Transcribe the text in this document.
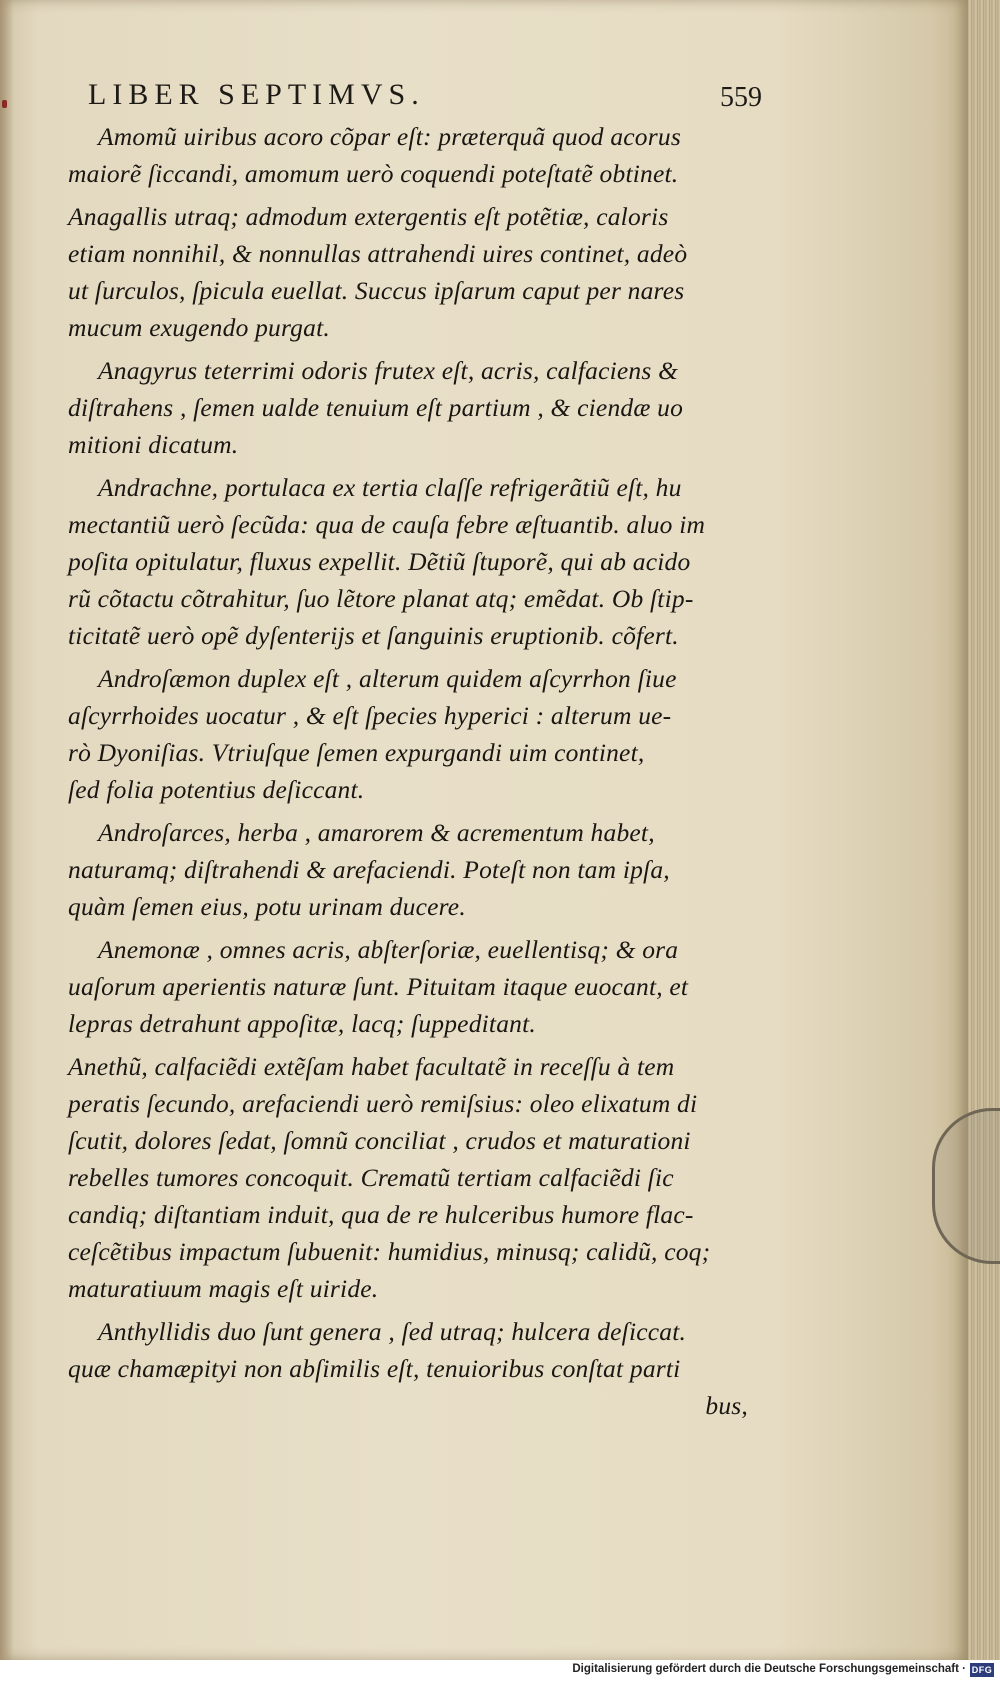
LIBER SEPTIMVS.	559
Amomũ uiribus acoro cõpar eſt: prӕterquã quod acorus
maiorẽ ſiccandi, amomum uerò coquendi poteſtatẽ obtinet.
Anagallis utraq; admodum extergentis eſt potẽtiӕ, caloris
etiam nonnihil, & nonnullas attrahendi uires continet, adeò
ut ſurculos, ſpicula euellat. Succus ipſarum caput per nares
mucum exugendo purgat.
Anagyrus teterrimi odoris frutex eſt, acris, calfaciens &
diſtrahens , ſemen ualde tenuium eſt partium , & ciendӕ uo
mitioni dicatum.
Andrachne, portulaca ex tertia claſſe refrigerãtiũ eſt, hu
mectantiũ uerò ſecũda: qua de cauſa febre ӕſtuantib. aluo im
poſita opitulatur, fluxus expellit. Dẽtiũ ſtuporẽ, qui ab acido
rũ cõtactu cõtrahitur, ſuo lẽtore planat atq; emẽdat. Ob ſtip-
ticitatẽ uerò opẽ dyſenterijs et ſanguinis eruptionib. cõfert.
Androſӕmon duplex eſt , alterum quidem aſcyrrhon ſiue
aſcyrrhoides uocatur , & eſt ſpecies hyperici : alterum ue-
rò Dyoniſias. Vtriuſque ſemen expurgandi uim continet,
ſed folia potentius deſiccant.
Androſarces, herba , amarorem & acrementum habet,
naturamq; diſtrahendi & arefaciendi. Poteſt non tam ipſa,
quàm ſemen eius, potu urinam ducere.
Anemonӕ , omnes acris, abſterſoriӕ, euellentisq; & ora
uaſorum aperientis naturӕ ſunt. Pituitam itaque euocant, et
lepras detrahunt appoſitӕ, lacq; ſuppeditant.
Anethũ, calfaciẽdi extẽſam habet facultatẽ in receſſu à tem
peratis ſecundo, arefaciendi uerò remiſsius: oleo elixatum di
ſcutit, dolores ſedat, ſomnũ conciliat , crudos et maturationi
rebelles tumores concoquit. Crematũ tertiam calfaciẽdi ſic
candiq; diſtantiam induit, qua de re hulceribus humore flac-
ceſcẽtibus impactum ſubuenit: humidius, minusq; calidũ, coq;
maturatiuum magis eſt uiride.
Anthyllidis duo ſunt genera , ſed utraq; hulcera deſiccat.
quӕ chamӕpityi non abſimilis eſt, tenuioribus conſtat parti
bus,
Digitalisierung gefördert durch die Deutsche Forschungsgemeinschaft · DFG
